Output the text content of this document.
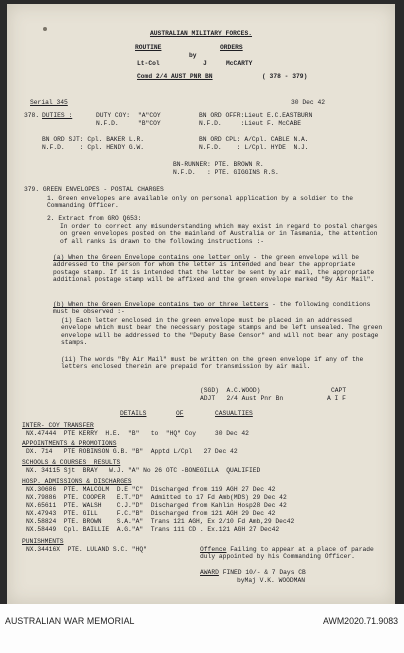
AUSTRALIAN MILITARY FORCES.
ROUTINE	ORDERS
by
Lt-Col	J	McCARTY
Comd 2/4 AUST PNR BN	( 378 - 379)
Serial 345	30 Dec 42
378. DUTIES :	DUTY COY: "A"COY
N.F.D.	"B"COY
BN ORD OFFR:Lieut E.C.EASTBURN
N.F.D.     :Lieut F. McCABE
BN ORD SJT: Cpl. BAKER L.R.
N.F.D.    : Cpl. HENDY G.W.
BN ORD CPL: A/Cpl. CABLE N.A.
N.F.D.    : L/Cpl. HYDE  N.J.
BN-RUNNER: PTE. BROWN R.
N.F.D.   : PTE. GIGGINS R.S.
379. GREEN ENVELOPES - POSTAL CHARGES
1. Green envelopes are available only on personal application by a soldier to the Commanding Officer.
2. Extract from GRO Q653:
In order to correct any misunderstanding which may exist in regard to postal charges on green envelopes posted on the mainland of Australia or in Tasmania, the attention of all ranks is drawn to the following instructions :-
(a) When the Green Envelope contains one letter only - the green envelope will be addressed to the person for whom the letter is intended and bear the appropriate postage stamp. If it is intended that the letter be sent by air mail, the appropriate additional postage stamp will be affixed and the green envelope marked "By Air Mail".
(b) When the Green Envelope contains two or three letters - the following conditions must be observed :-
(i) Each letter enclosed in the green envelope must be placed in an addressed envelope which must bear the necessary postage stamps and be left unsealed. The green envelope will be addressed to the "Deputy Base Censor" and will not bear any postage stamps.
(ii) The words "By Air Mail" must be written on the green envelope if any of the letters enclosed therein are prepaid for transmission by air mail.
(SGD)  A.C.WOOD)
ADJT   2/4 Aust Pnr Bn
CAPT
A I F
DETAILS	OF	CASUALTIES
INTER- COY TRANSFER
NX.47444  PTE KERRY  H.E.  "B"   to  "HQ" Coy     30 Dec 42
APPOINTMENTS & PROMOTIONS
DX. 714   PTE ROBINSON G.B. "B"  Apptd L/Cpl   27 Dec 42
SCHOOLS & COURSES  RESULTS
NX. 34115 Sjt  BRAY   W.J. "A" No 26 OTC -BONEGILLA  QUALIFIED
HOSP. ADMISSIONS & DISCHARGES
NX.30686  PTE. MALCOLM  D.E "C"  Discharged from 119 AGH 27 Dec 42
NX.79886  PTE. COOPER   E.T."D"  Admitted to 17 Fd Amb(MDS) 29 Dec 42
NX.65611  PTE. WALSH    C.J."D"  Discharged from Kahlin Hosp28 Dec 42
NX.47943  PTE. GILL     F.C."B"  Discharged from 121 AGH 29 Dec 42
NX.58824  PTE. BROWN    S.A."A"  Trans 121 AGH, Ex 2/10 Fd Amb,29 Dec42
NX.58449  Cpl. BAILLIE  A.G."A"  Trans 111 CD . Ex.121 AGH 27 Dec42
PUNISHMENTS
NX.34416X  PTE. LULAND S.C. "HQ"	Offence Failing to appear at a place of parade duly appointed by his Commanding Officer.
AWARD FINED 10/- & 7 Days CB
byMaj V.K. WOODMAN
AUSTRALIAN WAR MEMORIAL	AWM2020.71.9083
